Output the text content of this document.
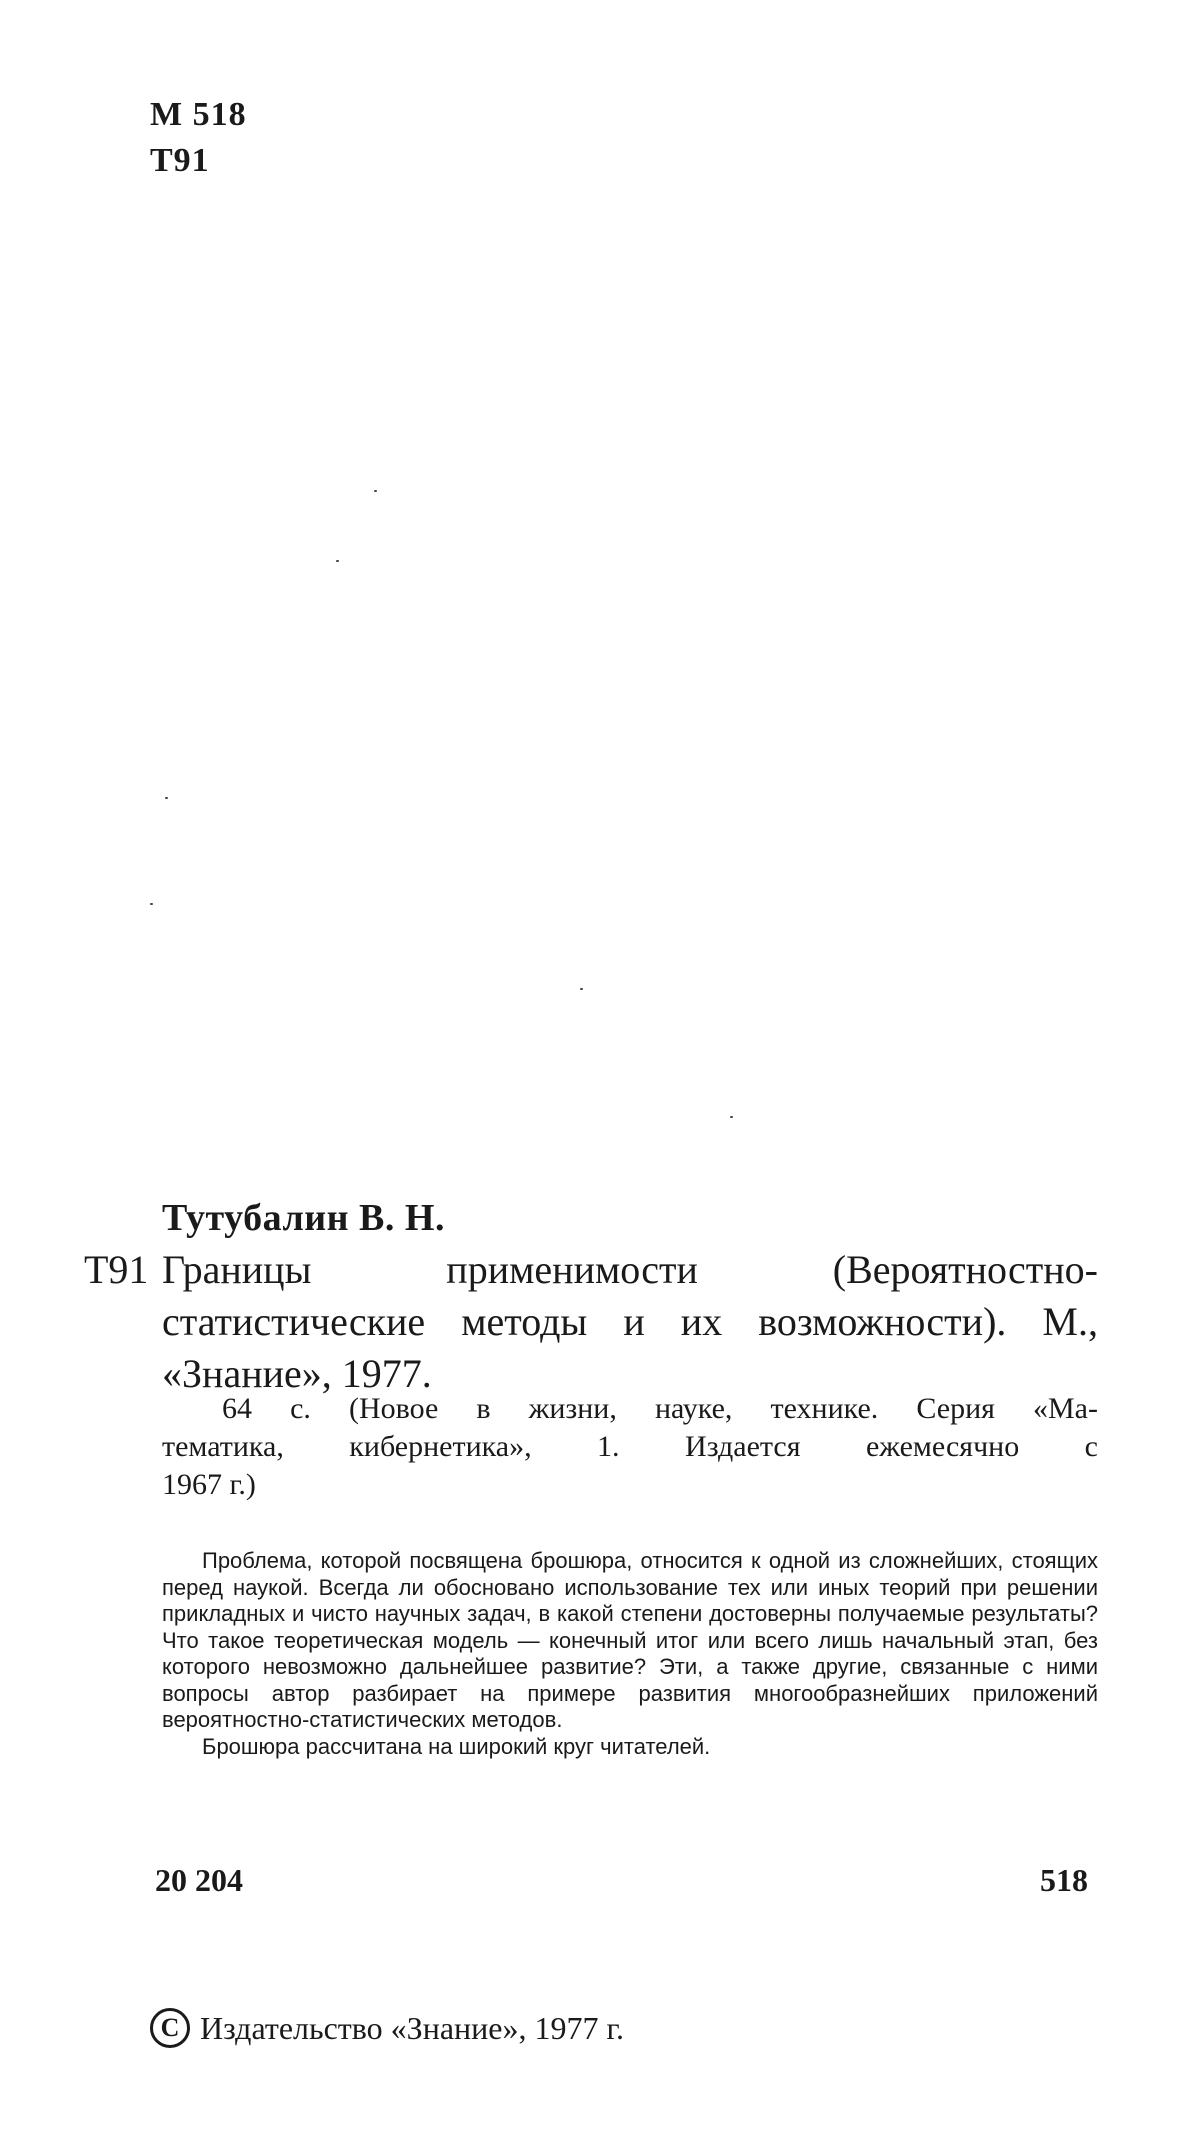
М 518
Т91
Тутубалин В. Н.
Т91 Границы применимости (Вероятностно-
статистические методы и их возможности). М.,
«Знание», 1977.
64 с. (Новое в жизни, науке, технике. Серия «Ма-
тематика, кибернетика», 1. Издается ежемесячно с
1967 г.)

Проблема, которой посвящена брошюра, относится к одной из сложнейших, стоящих перед наукой. Всегда ли обосновано использование тех или иных теорий при решении прикладных и чисто научных задач, в какой степени достоверны получаемые результаты? Что такое теоретическая модель — конечный итог или всего лишь начальный этап, без которого невозможно дальнейшее развитие? Эти, а также другие, связанные с ними вопросы автор разбирает на примере развития многообразнейших приложений вероятностно-статистических методов.

Брошюра рассчитана на широкий круг читателей.

20 204	518
C Издательство «Знание», 1977 г.
